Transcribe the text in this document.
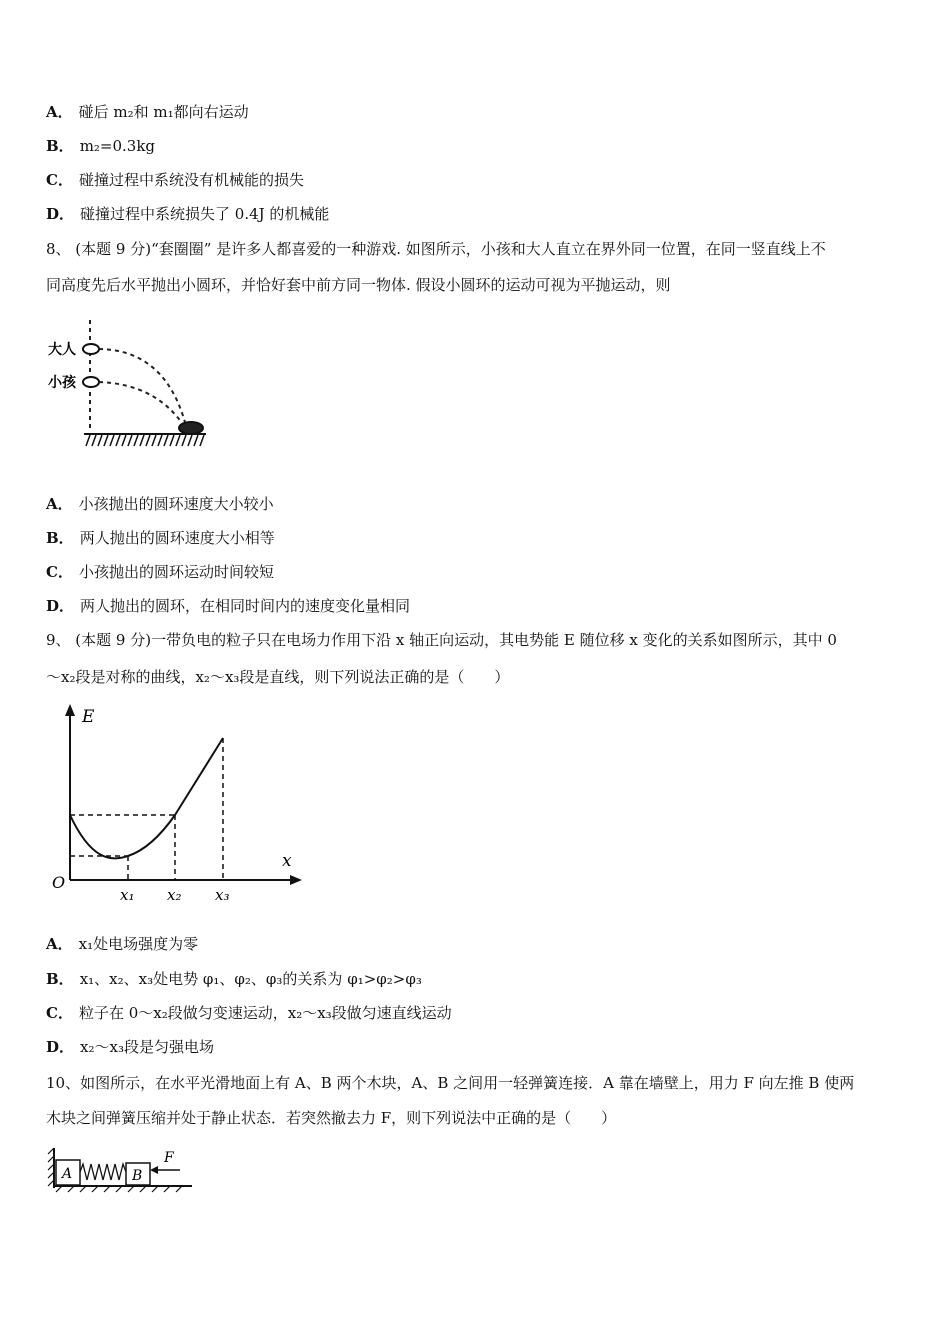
A． 碰后 m₂和 m₁都向右运动
B． m₂=0.3kg
C． 碰撞过程中系统没有机械能的损失
D． 碰撞过程中系统损失了 0.4J 的机械能
8、 (本题 9 分)“套圈圈” 是许多人都喜爱的一种游戏. 如图所示，小孩和大人直立在界外同一位置，在同一竖直线上不
同高度先后水平抛出小圆环，并恰好套中前方同一物体. 假设小圆环的运动可视为平抛运动，则
大人
小孩
A． 小孩抛出的圆环速度大小较小
B． 两人抛出的圆环速度大小相等
C． 小孩抛出的圆环运动时间较短
D． 两人抛出的圆环，在相同时间内的速度变化量相同
9、 (本题 9 分)一带负电的粒子只在电场力作用下沿 x 轴正向运动，其电势能 E 随位移 x 变化的关系如图所示，其中 0
～x₂段是对称的曲线，x₂～x₃段是直线，则下列说法正确的是（　　）
E
x
O
x₁ x₂ x₃
A． x₁处电场强度为零
B． x₁、x₂、x₃处电势 φ₁、φ₂、φ₃的关系为 φ₁>φ₂>φ₃
C． 粒子在 0～x₂段做匀变速运动，x₂～x₃段做匀速直线运动
D． x₂～x₃段是匀强电场
10、如图所示，在水平光滑地面上有 A、B 两个木块，A、B 之间用一轻弹簧连接．A 靠在墙壁上，用力 F 向左推 B 使两
木块之间弹簧压缩并处于静止状态．若突然撤去力 F，则下列说法中正确的是（　　）
A	B
F
